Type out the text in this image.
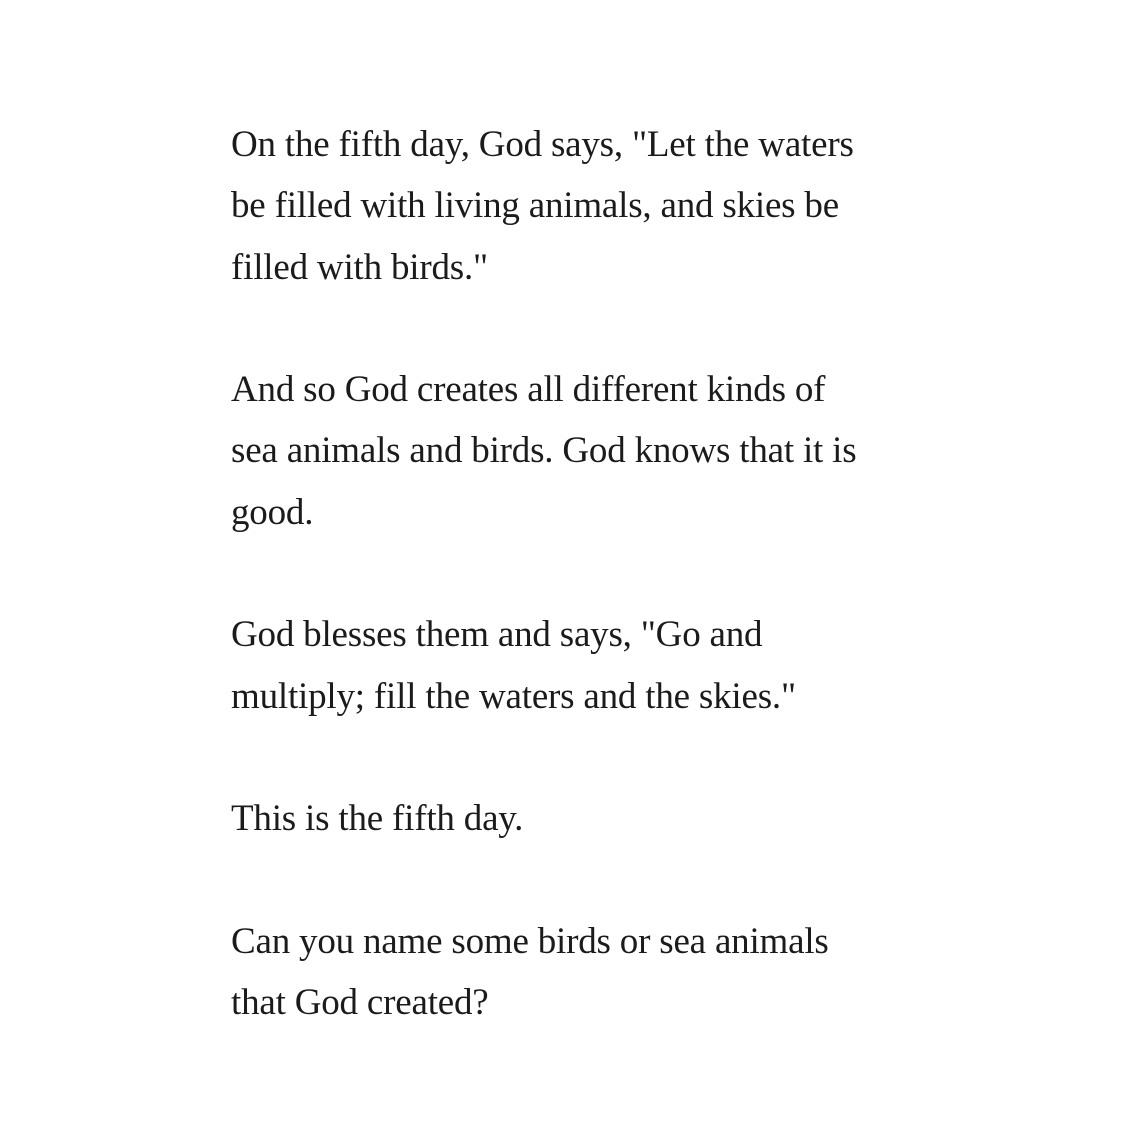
On the fifth day, God says, "Let the waters
be filled with living animals, and skies be
filled with birds."

And so God creates all different kinds of
sea animals and birds. God knows that it is
good.

God blesses them and says, "Go and
multiply; fill the waters and the skies."

This is the fifth day.

Can you name some birds or sea animals
that God created?
